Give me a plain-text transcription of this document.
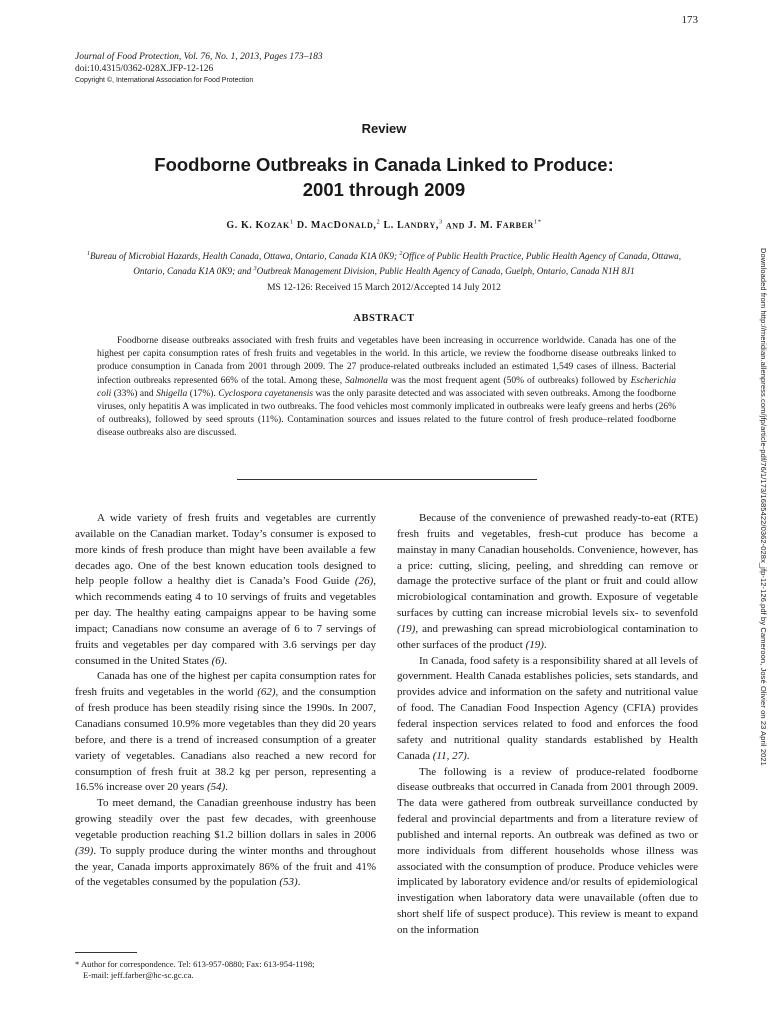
173
Journal of Food Protection, Vol. 76, No. 1, 2013, Pages 173–183
doi:10.4315/0362-028X.JFP-12-126
Copyright ©, International Association for Food Protection
Review
Foodborne Outbreaks in Canada Linked to Produce:
2001 through 2009
G. K. KOZAK$^1$ D. MACDONALD,$^2$ L. LANDRY,$^3$ AND J. M. $FARBER^{1*}$
$^1$Bureau of Microbial Hazards, Health Canada, Ottawa, Ontario, Canada K1A 0K9; $^2$Office of Public Health Practice, Public Health Agency of Canada, Ottawa, Ontario, Canada K1A 0K9; and $^3$Outbreak Management Division, Public Health Agency of Canada, Guelph, Ontario, Canada N1H 8J1
MS 12-126: Received 15 March 2012/Accepted 14 July 2012
ABSTRACT

Foodborne disease outbreaks associated with fresh fruits and vegetables have been increasing in occurrence worldwide. Canada has one of the highest per capita consumption rates of fresh fruits and vegetables in the world. In this article, we review the foodborne disease outbreaks linked to produce consumption in Canada from 2001 through 2009. The 27 produce-related outbreaks included an estimated 1,549 cases of illness. Bacterial infection outbreaks represented 66% of the total. Among these, Salmonella was the most frequent agent (50% of outbreaks) followed by Escherichia coli (33%) and Shigella (17%). Cyclospora cayetanensis was the only parasite detected and was associated with seven outbreaks. Among the foodborne viruses, only hepatitis A was implicated in two outbreaks. The food vehicles most commonly implicated in outbreaks were leafy greens and herbs (26% of outbreaks), followed by seed sprouts (11%). Contamination sources and issues related to the future control of fresh produce–related foodborne disease outbreaks also are discussed.

A wide variety of fresh fruits and vegetables are currently available on the Canadian market. Today’s consumer is exposed to more kinds of fresh produce than might have been available a few decades ago. One of the best known education tools designed to help people follow a healthy diet is Canada’s Food Guide (26), which recommends eating 4 to 10 servings of fruits and vegetables per day. The healthy eating campaigns appear to be having some impact; Canadians now consume an average of 6 to 7 servings of fruits and vegetables per day compared with 3.6 servings per day consumed in the United States (6).

Canada has one of the highest per capita consumption rates for fresh fruits and vegetables in the world (62), and the consumption of fresh produce has been steadily rising since the 1990s. In 2007, Canadians consumed 10.9% more vegetables than they did 20 years before, and there is a trend of increased consumption of a greater variety of vegetables. Canadians also reached a new record for consumption of fresh fruit at 38.2 kg per person, representing a 16.5% increase over 20 years (54).

To meet demand, the Canadian greenhouse industry has been growing steadily over the past few decades, with greenhouse vegetable production reaching $1.2 billion dollars in sales in 2006 (39). To supply produce during the winter months and throughout the year, Canada imports approximately 86% of the fruit and 41% of the vegetables consumed by the population (53).

Because of the convenience of prewashed ready-to-eat (RTE) fresh fruits and vegetables, fresh-cut produce has become a mainstay in many Canadian households. Convenience, however, has a price: cutting, slicing, peeling, and shredding can remove or damage the protective surface of the plant or fruit and could allow microbiological contamination and growth. Exposure of vegetable surfaces by cutting can increase microbial levels six- to sevenfold (19), and prewashing can spread microbiological contamination to other surfaces of the product (19).

In Canada, food safety is a responsibility shared at all levels of government. Health Canada establishes policies, sets standards, and provides advice and information on the safety and nutritional value of food. The Canadian Food Inspection Agency (CFIA) provides federal inspection services related to food and enforces the food safety and nutritional quality standards established by Health Canada (11, 27).

The following is a review of produce-related foodborne disease outbreaks that occurred in Canada from 2001 through 2009. The data were gathered from outbreak surveillance conducted by federal and provincial departments and from a literature review of published and internal reports. An outbreak was defined as two or more individuals from different households whose illness was associated with the consumption of produce. Produce vehicles were implicated by laboratory evidence and/or results of epidemiological investigation when laboratory data were unavailable (often due to short shelf life of suspect produce). This review is meant to expand on the information

* Author for correspondence. Tel: 613-957-0880; Fax: 613-954-1198;
E-mail: jeff.farber@hc-sc.gc.ca.
Downloaded from http://meridian.allenpress.com/jfp/article-pdf/76/1/173/1685422/0362-028x_jfp-12-126.pdf by Cameroon, José Olivier on 23 April 2021
